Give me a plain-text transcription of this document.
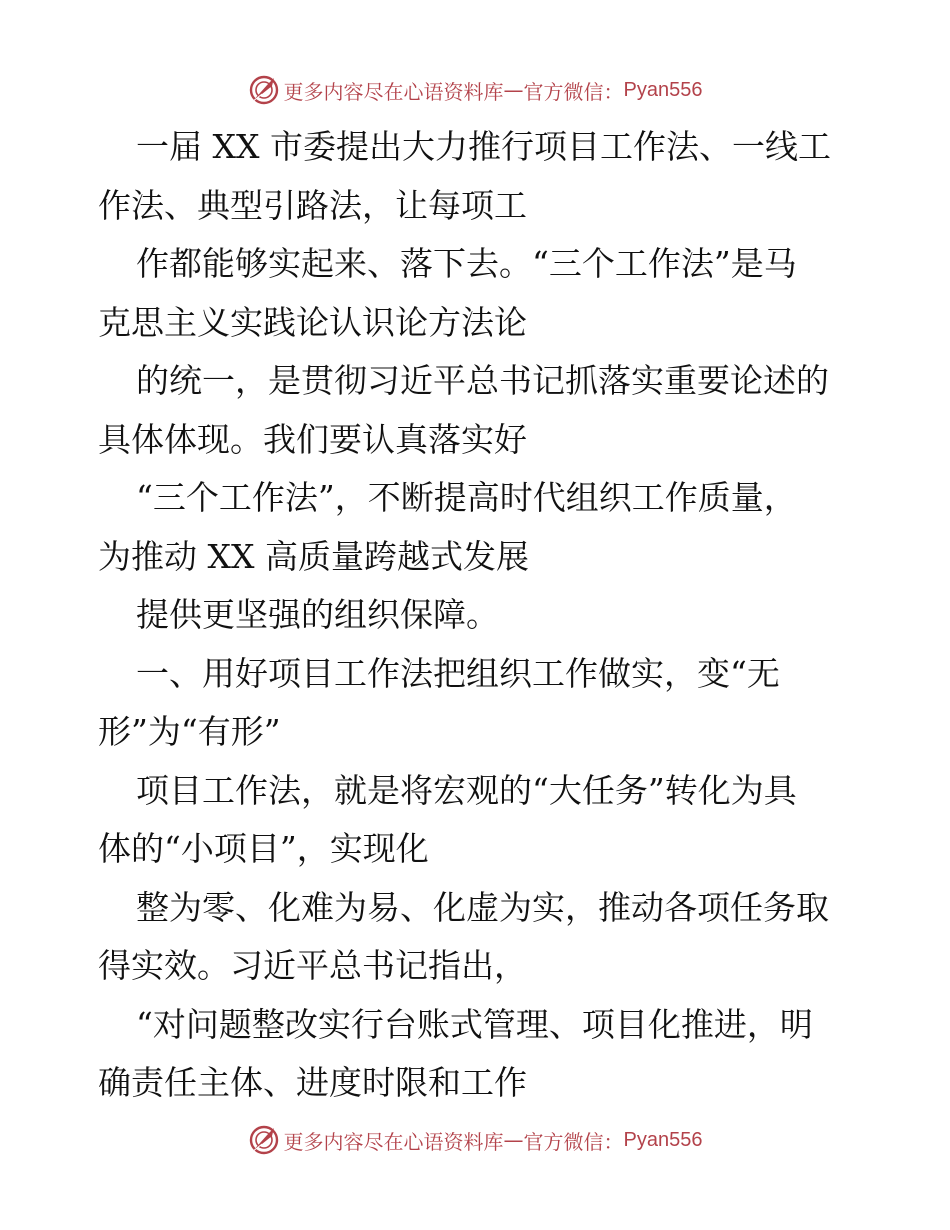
更多内容尽在心语资料库 — 官方微信： Pyan556
一届 XX 市委提出大力推行项目工作法、一线工
作法、典型引路法，让每项工
作都能够实起来、落下去。“三个工作法”是马
克思主义实践论认识论方法论
的统一，是贯彻习近平总书记抓落实重要论述的
具体体现。我们要认真落实好
“三个工作法”，不断提高时代组织工作质量，
为推动 XX 高质量跨越式发展
提供更坚强的组织保障。
一、用好项目工作法把组织工作做实，变“无
形”为“有形”
项目工作法，就是将宏观的“大任务”转化为具
体的“小项目”，实现化
整为零、化难为易、化虚为实，推动各项任务取
得实效。习近平总书记指出，
“对问题整改实行台账式管理、项目化推进，明
确责任主体、进度时限和工作
更多内容尽在心语资料库 — 官方微信： Pyan556
